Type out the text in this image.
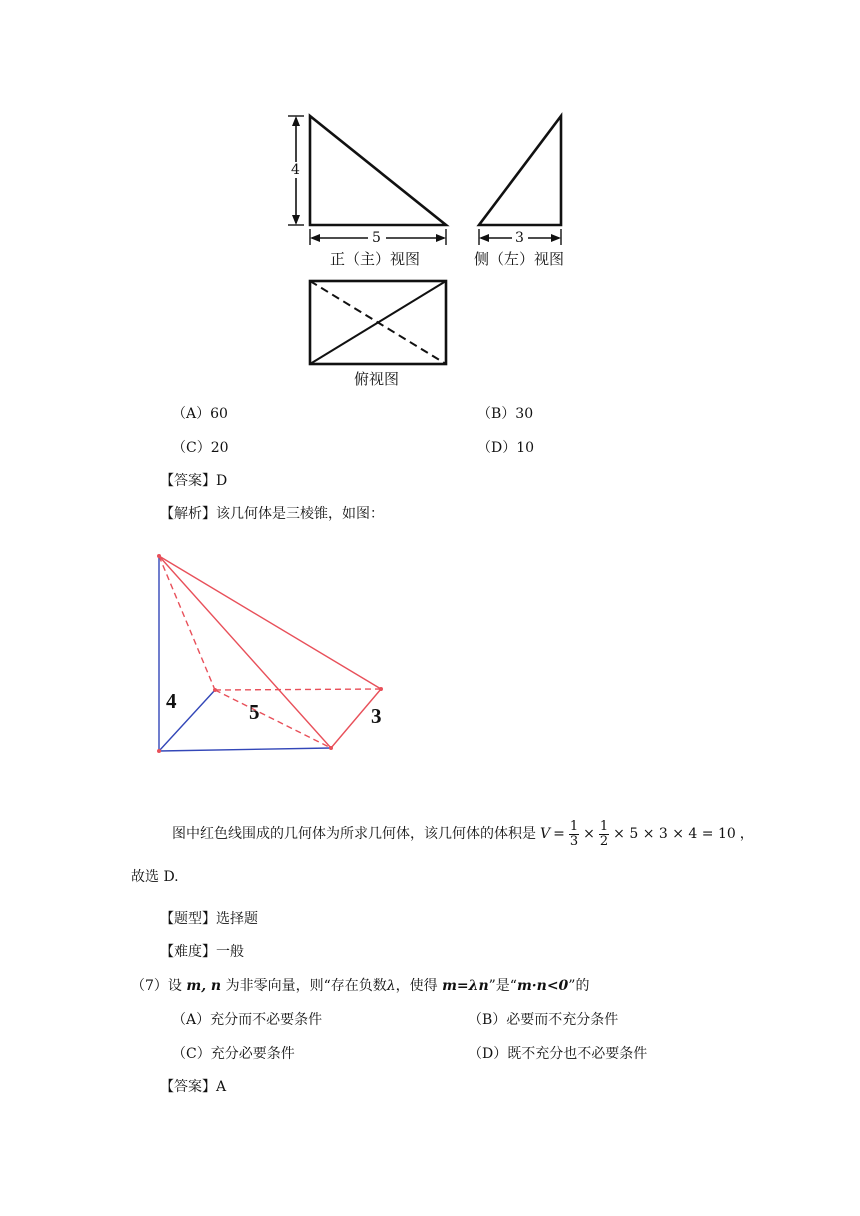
4
5	3
正（主）视图	侧（左）视图
俯视图
（A）60	（B）30
（C）20	（D）10
【答案】D
【解析】该几何体是三棱锥，如图：
4	5	3
图中红色线围成的几何体为所求几何体，该几何体的体积是 $V = \frac{1}{3} \times \frac{1}{2} \times 5 \times 3 \times 4 = 10$ ，
故选 D.
【题型】选择题
【难度】一般
（7）设 m, n 为非零向量，则“存在负数λ，使得 m=λn”是“m·n<0”的
（A）充分而不必要条件	（B）必要而不充分条件
（C）充分必要条件	（D）既不充分也不必要条件
【答案】A
